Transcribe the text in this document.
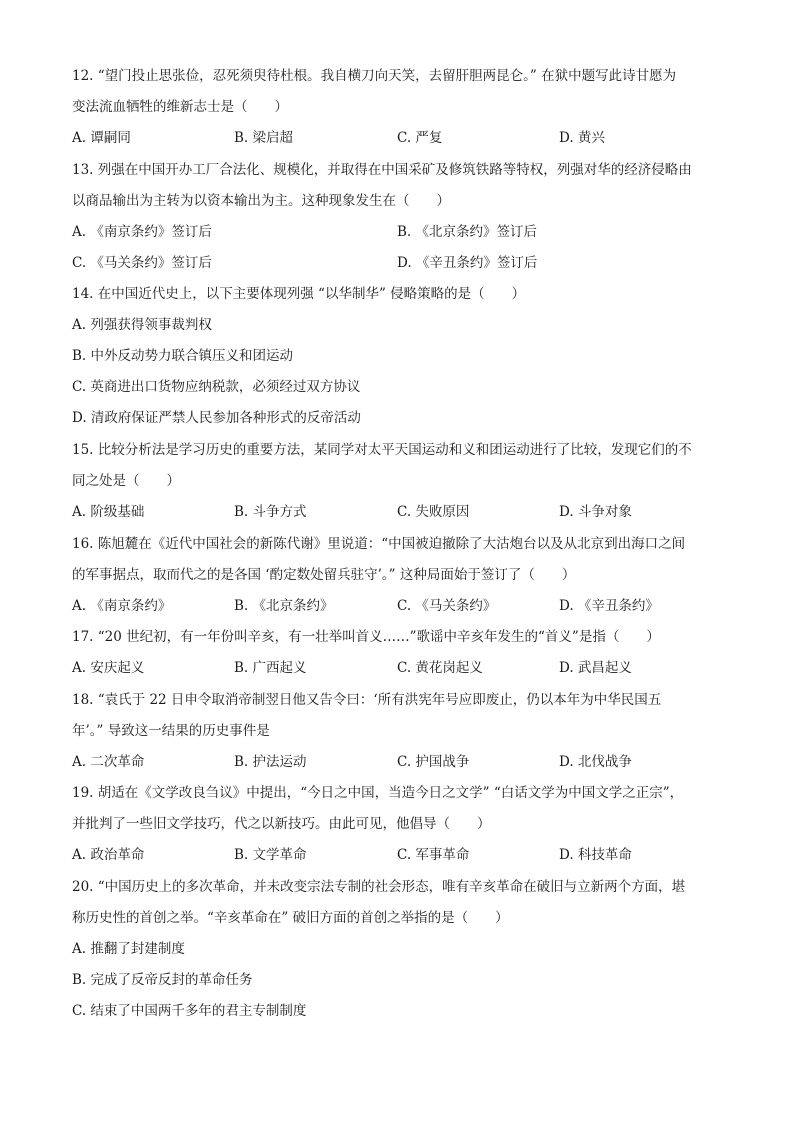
12. “望门投止思张俭，忍死须臾待杜根。我自横刀向天笑，去留肝胆两昆仑。” 在狱中题写此诗甘愿为
变法流血牺牲的维新志士是（　　）
A. 谭嗣同	B. 梁启超	C. 严复	D. 黄兴
13. 列强在中国开办工厂合法化、规模化，并取得在中国采矿及修筑铁路等特权，列强对华的经济侵略由
以商品输出为主转为以资本输出为主。这种现象发生在（　　）
A. 《南京条约》签订后	B. 《北京条约》签订后
C. 《马关条约》签订后	D. 《辛丑条约》签订后
14. 在中国近代史上，以下主要体现列强 “以华制华” 侵略策略的是（　　）
A. 列强获得领事裁判权
B. 中外反动势力联合镇压义和团运动
C. 英商进出口货物应纳税款，必须经过双方协议
D. 清政府保证严禁人民参加各种形式的反帝活动
15. 比较分析法是学习历史的重要方法，某同学对太平天国运动和义和团运动进行了比较，发现它们的不
同之处是（　　）
A. 阶级基础	B. 斗争方式	C. 失败原因	D. 斗争对象
16. 陈旭麓在《近代中国社会的新陈代谢》里说道：“中国被迫撤除了大沽炮台以及从北京到出海口之间
的军事据点，取而代之的是各国 ‘酌定数处留兵驻守’。” 这种局面始于签订了（　　）
A. 《南京条约》	B. 《北京条约》	C. 《马关条约》	D. 《辛丑条约》
17. “20 世纪初，有一年份叫辛亥，有一壮举叫首义……”歌谣中辛亥年发生的“首义”是指（　　）
A. 安庆起义	B. 广西起义	C. 黄花岗起义	D. 武昌起义
18. “袁氏于 22 日申令取消帝制翌日他又告令曰：‘所有洪宪年号应即废止，仍以本年为中华民国五
年’。” 导致这一结果的历史事件是
A. 二次革命	B. 护法运动	C. 护国战争	D. 北伐战争
19. 胡适在《文学改良刍议》中提出，“今日之中国，当造今日之文学” “白话文学为中国文学之正宗”，
并批判了一些旧文学技巧，代之以新技巧。由此可见，他倡导（　　）
A. 政治革命	B. 文学革命	C. 军事革命	D. 科技革命
20. “中国历史上的多次革命，并未改变宗法专制的社会形态，唯有辛亥革命在破旧与立新两个方面，堪
称历史性的首创之举。“辛亥革命在” 破旧方面的首创之举指的是（　　）
A. 推翻了封建制度
B. 完成了反帝反封的革命任务
C. 结束了中国两千多年的君主专制制度
